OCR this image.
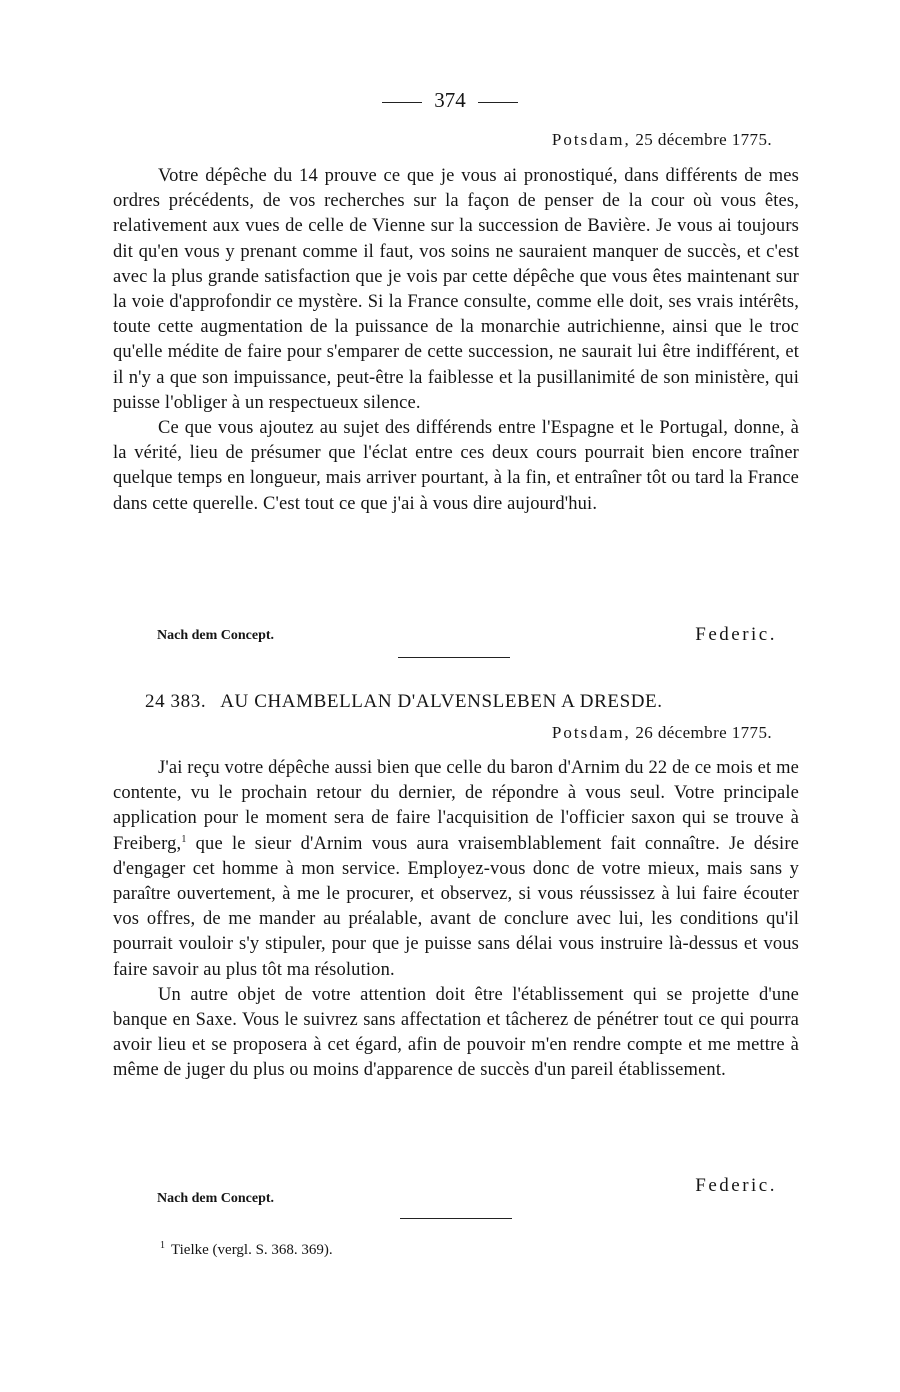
374
Potsdam, 25 décembre 1775.

Votre dépêche du 14 prouve ce que je vous ai pronostiqué, dans différents de mes ordres précédents, de vos recherches sur la façon de penser de la cour où vous êtes, relativement aux vues de celle de Vienne sur la succession de Bavière. Je vous ai toujours dit qu'en vous y prenant comme il faut, vos soins ne sauraient manquer de succès, et c'est avec la plus grande satisfaction que je vois par cette dépêche que vous êtes maintenant sur la voie d'approfondir ce mystère. Si la France consulte, comme elle doit, ses vrais intérêts, toute cette augmentation de la puissance de la monarchie autrichienne, ainsi que le troc qu'elle médite de faire pour s'emparer de cette succession, ne saurait lui être indifférent, et il n'y a que son impuissance, peut-être la faiblesse et la pusillanimité de son ministère, qui puisse l'obliger à un respectueux silence.

Ce que vous ajoutez au sujet des différends entre l'Espagne et le Portugal, donne, à la vérité, lieu de présumer que l'éclat entre ces deux cours pourrait bien encore traîner quelque temps en longueur, mais arriver pourtant, à la fin, et entraîner tôt ou tard la France dans cette querelle. C'est tout ce que j'ai à vous dire aujourd'hui.

Nach dem Concept.	Federic.
24 383. AU CHAMBELLAN D'ALVENSLEBEN A DRESDE.
Potsdam, 26 décembre 1775.

J'ai reçu votre dépêche aussi bien que celle du baron d'Arnim du 22 de ce mois et me contente, vu le prochain retour du dernier, de répondre à vous seul. Votre principale application pour le moment sera de faire l'acquisition de l'officier saxon qui se trouve à Freiberg,$^1$ que le sieur d'Arnim vous aura vraisemblablement fait connaître. Je désire d'engager cet homme à mon service. Employez-vous donc de votre mieux, mais sans y paraître ouvertement, à me le procurer, et observez, si vous réussissez à lui faire écouter vos offres, de me mander au préalable, avant de conclure avec lui, les conditions qu'il pourrait vouloir s'y stipuler, pour que je puisse sans délai vous instruire là-dessus et vous faire savoir au plus tôt ma résolution.

Un autre objet de votre attention doit être l'établissement qui se projette d'une banque en Saxe. Vous le suivrez sans affectation et tâcherez de pénétrer tout ce qui pourra avoir lieu et se proposera à cet égard, afin de pouvoir m'en rendre compte et me mettre à même de juger du plus ou moins d'apparence de succès d'un pareil établissement.

Nach dem Concept.
Federic.
$^1$ Tielke (vergl. S. 368. 369).
